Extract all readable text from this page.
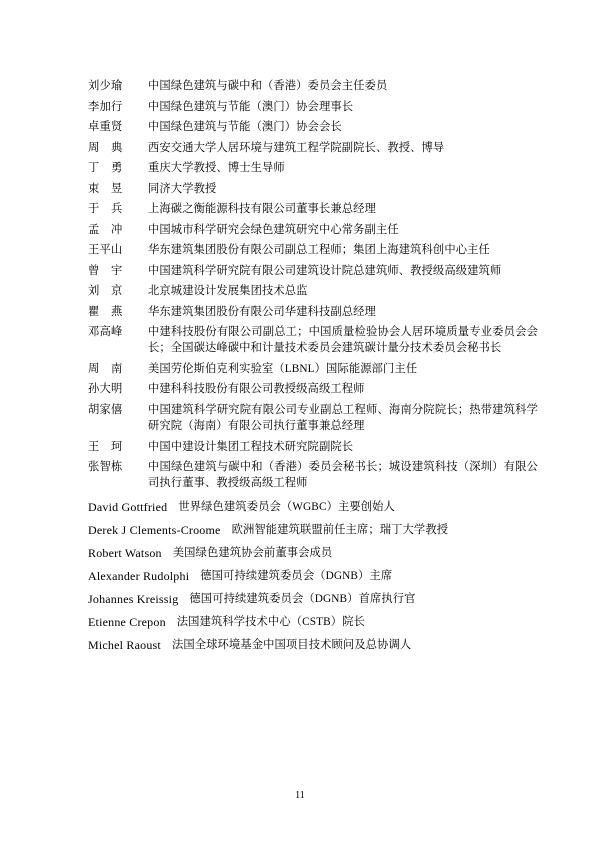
刘少瑜	中国绿色建筑与碳中和（香港）委员会主任委员
李加行	中国绿色建筑与节能（澳门）协会理事长
卓重贤	中国绿色建筑与节能（澳门）协会会长
周　典	西安交通大学人居环境与建筑工程学院副院长、教授、博导
丁　勇	重庆大学教授、博士生导师
束　昱	同济大学教授
于　兵	上海碳之衡能源科技有限公司董事长兼总经理
孟　冲	中国城市科学研究会绿色建筑研究中心常务副主任
王平山	华东建筑集团股份有限公司副总工程师；集团上海建筑科创中心主任
曾　宇	中国建筑科学研究院有限公司建筑设计院总建筑师、教授级高级建筑师
刘　京	北京城建设计发展集团技术总监
瞿　燕	华东建筑集团股份有限公司华建科技副总经理
邓高峰	中建科技股份有限公司副总工；中国质量检验协会人居环境质量专业委员会会长；全国碳达峰碳中和计量技术委员会建筑碳计量分技术委员会秘书长
周　南	美国劳伦斯伯克利实验室（LBNL）国际能源部门主任
孙大明	中建科科技股份有限公司教授级高级工程师
胡家僖	中国建筑科学研究院有限公司专业副总工程师、海南分院院长；热带建筑科学研究院（海南）有限公司执行董事兼总经理
王　珂	中国中建设计集团工程技术研究院副院长
张智栋	中国绿色建筑与碳中和（香港）委员会秘书长；城设建筑科技（深圳）有限公司执行董事、教授级高级工程师
David Gottfried 世界绿色建筑委员会（WGBC）主要创始人
Derek J Clements-Croome 欧洲智能建筑联盟前任主席；瑞丁大学教授
Robert Watson 美国绿色建筑协会前董事会成员
Alexander Rudolphi 德国可持续建筑委员会（DGNB）主席
Johannes Kreissig 德国可持续建筑委员会（DGNB）首席执行官
Etienne Crepon 法国建筑科学技术中心（CSTB）院长
Michel Raoust 法国全球环境基金中国项目技术顾问及总协调人
11
